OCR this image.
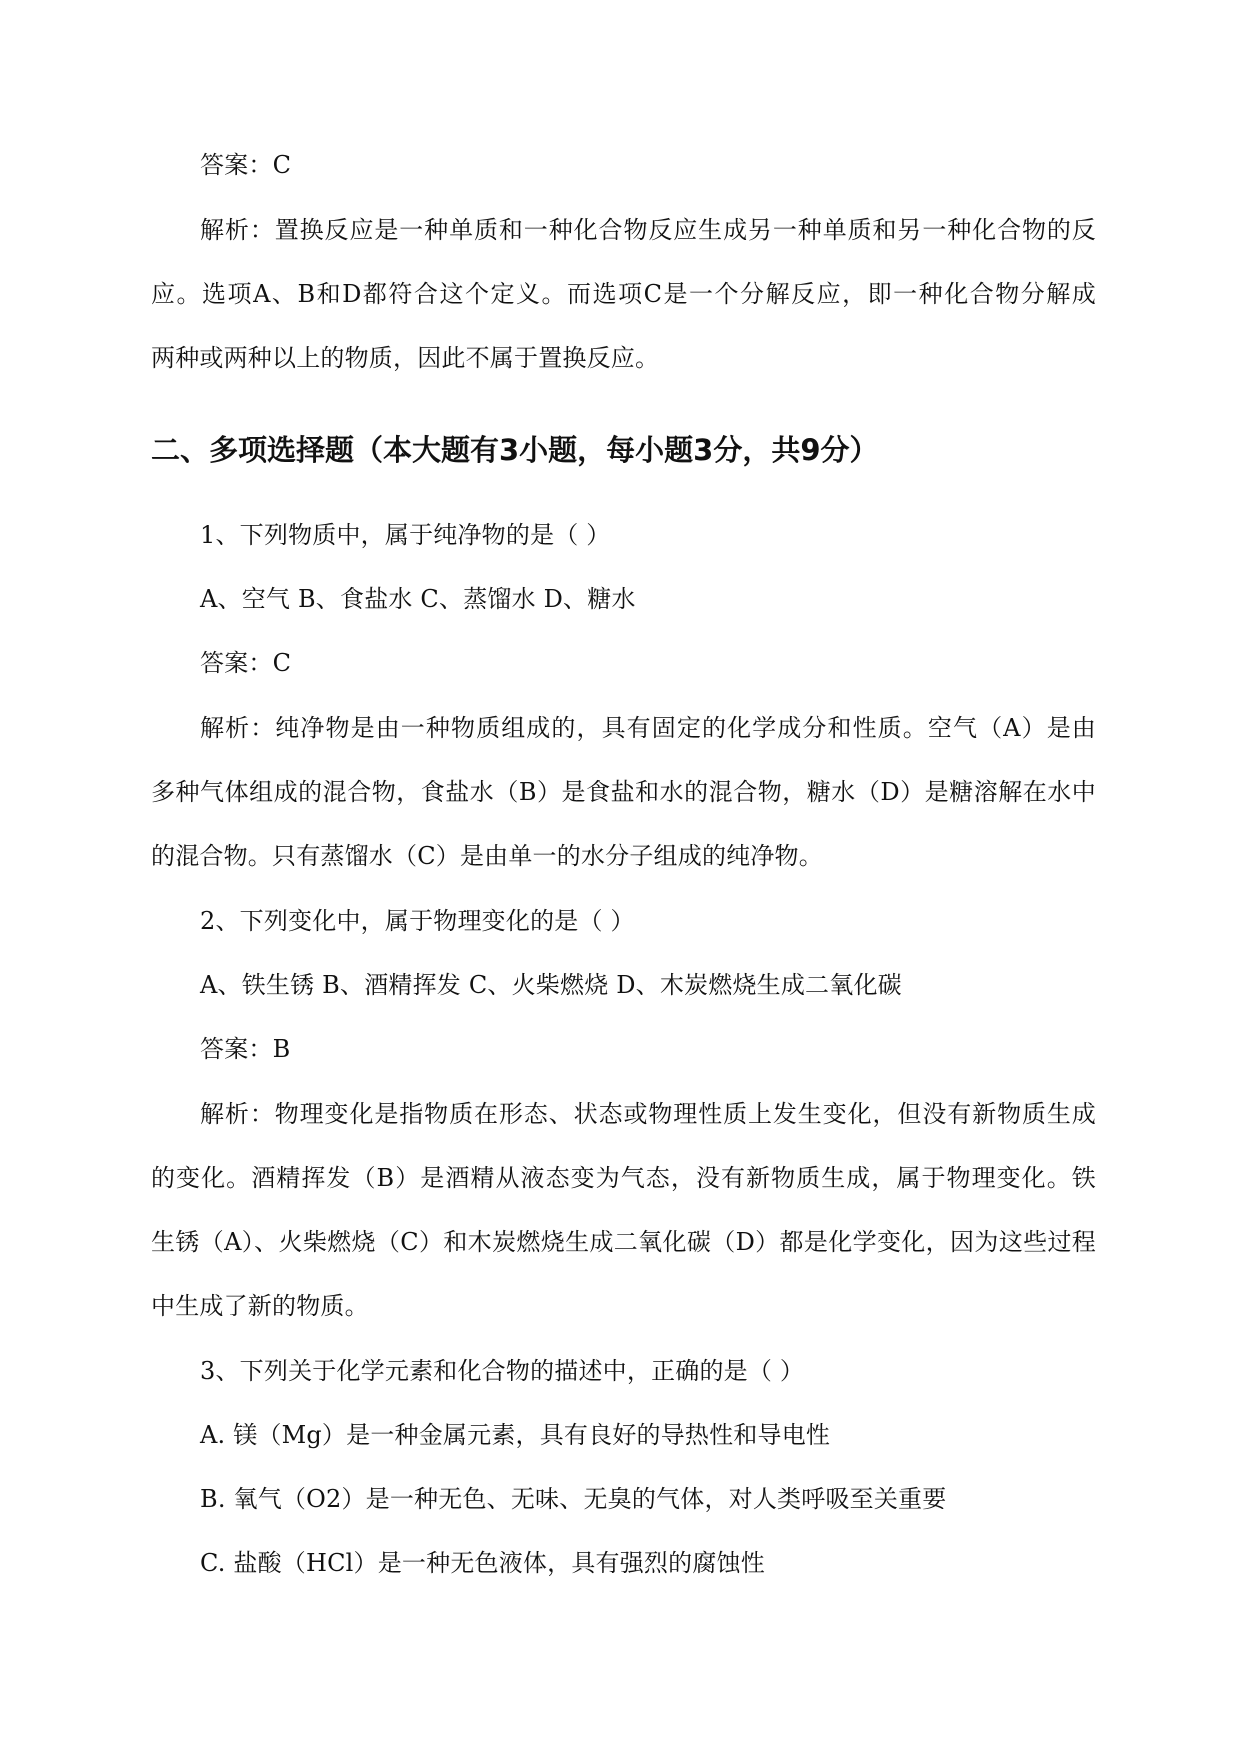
答案：C
解析：置换反应是一种单质和一种化合物反应生成另一种单质和另一种化合物的反
应。选项A、B和D都符合这个定义。而选项C是一个分解反应，即一种化合物分解成
两种或两种以上的物质，因此不属于置换反应。
二、多项选择题（本大题有3小题，每小题3分，共9分）
1、下列物质中，属于纯净物的是（ ）
A、空气 B、食盐水 C、蒸馏水 D、糖水
答案：C
解析：纯净物是由一种物质组成的，具有固定的化学成分和性质。空气（A）是由
多种气体组成的混合物，食盐水（B）是食盐和水的混合物，糖水（D）是糖溶解在水中
的混合物。只有蒸馏水（C）是由单一的水分子组成的纯净物。
2、下列变化中，属于物理变化的是（ ）
A、铁生锈 B、酒精挥发 C、火柴燃烧 D、木炭燃烧生成二氧化碳
答案：B
解析：物理变化是指物质在形态、状态或物理性质上发生变化，但没有新物质生成
的变化。酒精挥发（B）是酒精从液态变为气态，没有新物质生成，属于物理变化。铁
生锈（A）、火柴燃烧（C）和木炭燃烧生成二氧化碳（D）都是化学变化，因为这些过程
中生成了新的物质。
3、下列关于化学元素和化合物的描述中，正确的是（ ）
A. 镁（Mg）是一种金属元素，具有良好的导热性和导电性
B. 氧气（O2）是一种无色、无味、无臭的气体，对人类呼吸至关重要
C. 盐酸（HCl）是一种无色液体，具有强烈的腐蚀性
